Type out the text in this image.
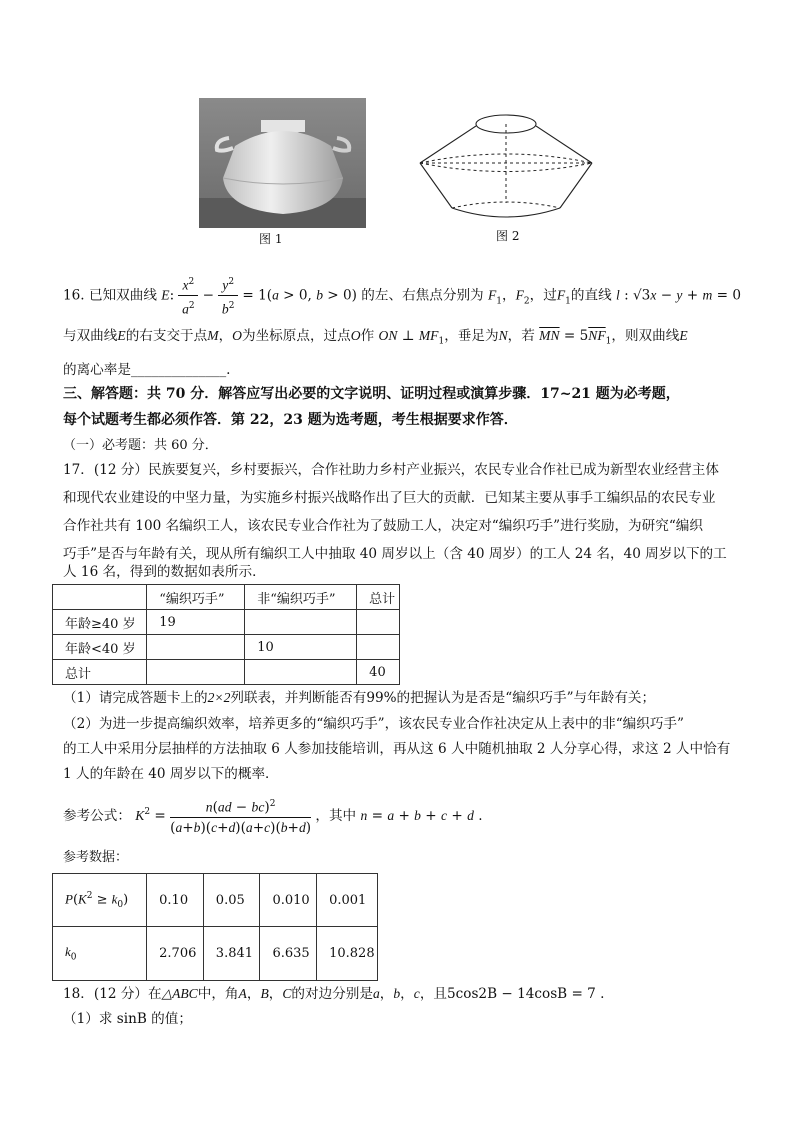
图 1	图 2
16. 已知双曲线 E: $\frac{x^2}{a^2} - \frac{y^2}{b^2} = 1(a > 0$, b > 0) 的左、右焦点分别为 $F_1$，$F_2$，过$F_1$的直线 l : √3x − y + m = 0
与双曲线E的右支交于点M，O为坐标原点，过点O作 ON ⊥ $MF_1$，垂足为N，若 $\overline{MN} = 5\overline{NF}_1$，则双曲线E
的离心率是______________.
三、解答题：共 70 分．解答应写出必要的文字说明、证明过程或演算步骤．17~21 题为必考题，
每个试题考生都必须作答．第 22，23 题为选考题，考生根据要求作答．
（一）必考题：共 60 分．
17．(12 分）民族要复兴，乡村要振兴，合作社助力乡村产业振兴，农民专业合作社已成为新型农业经营主体
和现代农业建设的中坚力量，为实施乡村振兴战略作出了巨大的贡献．已知某主要从事手工编织品的农民专业
合作社共有 100 名编织工人，该农民专业合作社为了鼓励工人，决定对“编织巧手”进行奖励，为研究“编织
巧手”是否与年龄有关，现从所有编织工人中抽取 40 周岁以上（含 40 周岁）的工人 24 名，40 周岁以下的工
人 16 名，得到的数据如表所示．
	“编织巧手”	非“编织巧手”	总计
年龄≥40 岁	19		
年龄<40 岁		10	
总计			40
（1）请完成答题卡上的2×2列联表，并判断能否有99%的把握认为是否是“编织巧手”与年龄有关；
（2）为进一步提高编织效率，培养更多的“编织巧手”，该农民专业合作社决定从上表中的非“编织巧手”
的工人中采用分层抽样的方法抽取 6 人参加技能培训，再从这 6 人中随机抽取 2 人分享心得，求这 2 人中恰有
1 人的年龄在 40 周岁以下的概率．
参考公式： $K^2 = \frac{n(ad - bc)^2}{(a+b)(c+d)(a+c)(b+d)}$ ，其中 n = a + b + c + d .
参考数据：
$P(K^2 \ge k_0)$	0.10	0.05	0.010	0.001
$k_0$	2.706	3.841	6.635	10.828
18．(12 分）在△ABC中，角A，B，C的对边分别是a，b，c，且5cos2B − 14cosB = 7 .
（1）求 sinB 的值；
